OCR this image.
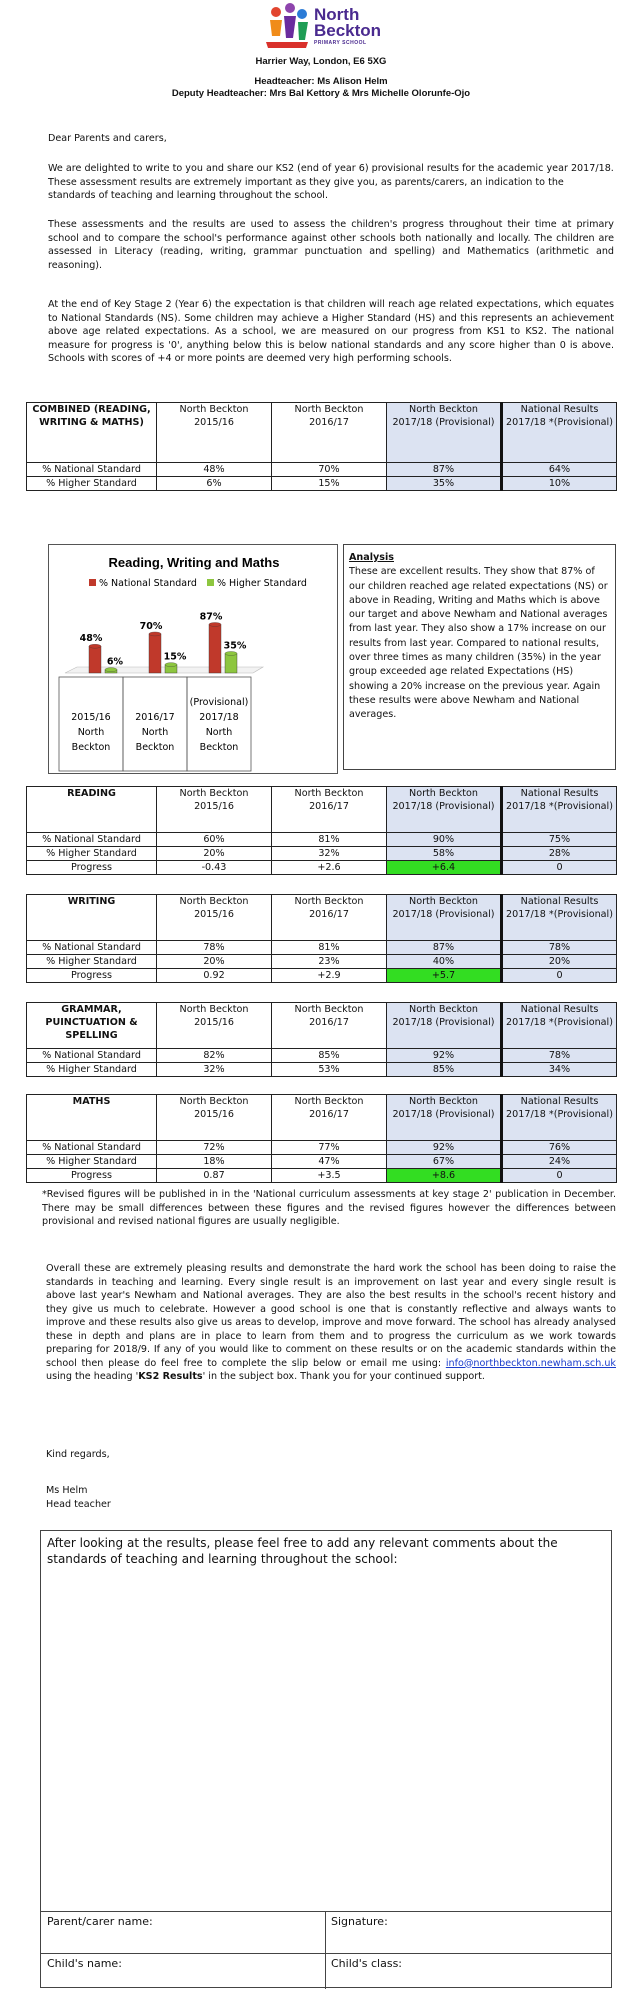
North
Beckton
PRIMARY SCHOOL
Harrier Way, London, E6 5XG
Headteacher: Ms Alison Helm
Deputy Headteacher: Mrs Bal Kettory & Mrs Michelle Olorunfe-Ojo
Dear Parents and carers,
We are delighted to write to you and share our KS2 (end of year 6) provisional results for the academic year 2017/18. These assessment results are extremely important as they give you, as parents/carers, an indication to the standards of teaching and learning throughout the school.
These assessments and the results are used to assess the children's progress throughout their time at primary school and to compare the school's performance against other schools both nationally and locally. The children are assessed in Literacy (reading, writing, grammar punctuation and spelling) and Mathematics (arithmetic and reasoning).
At the end of Key Stage 2 (Year 6) the expectation is that children will reach age related expectations, which equates to National Standards (NS). Some children may achieve a Higher Standard (HS) and this represents an achievement above age related expectations. As a school, we are measured on our progress from KS1 to KS2. The national measure for progress is '0', anything below this is below national standards and any score higher than 0 is above. Schools with scores of +4 or more points are deemed very high performing schools.
COMBINED (READING, WRITING & MATHS)	North Beckton 2015/16	North Beckton 2016/17	North Beckton 2017/18 (Provisional)	National Results 2017/18 *(Provisional)
% National Standard	48%	70%	87%	64%
% Higher Standard	6%	15%	35%	10%
Reading, Writing and Maths
% National Standard % Higher Standard
48%
6%
2015/16
North
Beckton
70%
15%
2016/17
North
Beckton
87%
35%
(Provisional)
2017/18
North
Beckton
Analysis
These are excellent results. They show that 87% of our children reached age related expectations (NS) or above in Reading, Writing and Maths which is above our target and above Newham and National averages from last year. They also show a 17% increase on our results from last year. Compared to national results, over three times as many children (35%) in the year group exceeded age related Expectations (HS) showing a 20% increase on the previous year. Again these results were above Newham and National averages.
READING	North Beckton 2015/16	North Beckton 2016/17	North Beckton 2017/18 (Provisional)	National Results 2017/18 *(Provisional)
% National Standard	60%	81%	90%	75%
% Higher Standard	20%	32%	58%	28%
Progress	-0.43	+2.6	+6.4	0
WRITING	North Beckton 2015/16	North Beckton 2016/17	North Beckton 2017/18 (Provisional)	National Results 2017/18 *(Provisional)
% National Standard	78%	81%	87%	78%
% Higher Standard	20%	23%	40%	20%
Progress	0.92	+2.9	+5.7	0
GRAMMAR, PUINCTUATION & SPELLING	North Beckton 2015/16	North Beckton 2016/17	North Beckton 2017/18 (Provisional)	National Results 2017/18 *(Provisional)
% National Standard	82%	85%	92%	78%
% Higher Standard	32%	53%	85%	34%
MATHS	North Beckton 2015/16	North Beckton 2016/17	North Beckton 2017/18 (Provisional)	National Results 2017/18 *(Provisional)
% National Standard	72%	77%	92%	76%
% Higher Standard	18%	47%	67%	24%
Progress	0.87	+3.5	+8.6	0
*Revised figures will be published in in the 'National curriculum assessments at key stage 2' publication in December. There may be small differences between these figures and the revised figures however the differences between provisional and revised national figures are usually negligible.
Overall these are extremely pleasing results and demonstrate the hard work the school has been doing to raise the standards in teaching and learning. Every single result is an improvement on last year and every single result is above last year's Newham and National averages. They are also the best results in the school's recent history and they give us much to celebrate. However a good school is one that is constantly reflective and always wants to improve and these results also give us areas to develop, improve and move forward. The school has already analysed these in depth and plans are in place to learn from them and to progress the curriculum as we work towards preparing for 2018/9. If any of you would like to comment on these results or on the academic standards within the school then please do feel free to complete the slip below or email me using: info@northbeckton.newham.sch.uk using the heading 'KS2 Results' in the subject box. Thank you for your continued support.
Kind regards,
Ms Helm
Head teacher
After looking at the results, please feel free to add any relevant comments about the standards of teaching and learning throughout the school:
Parent/carer name:	Signature:
Child's name:	Child's class:
